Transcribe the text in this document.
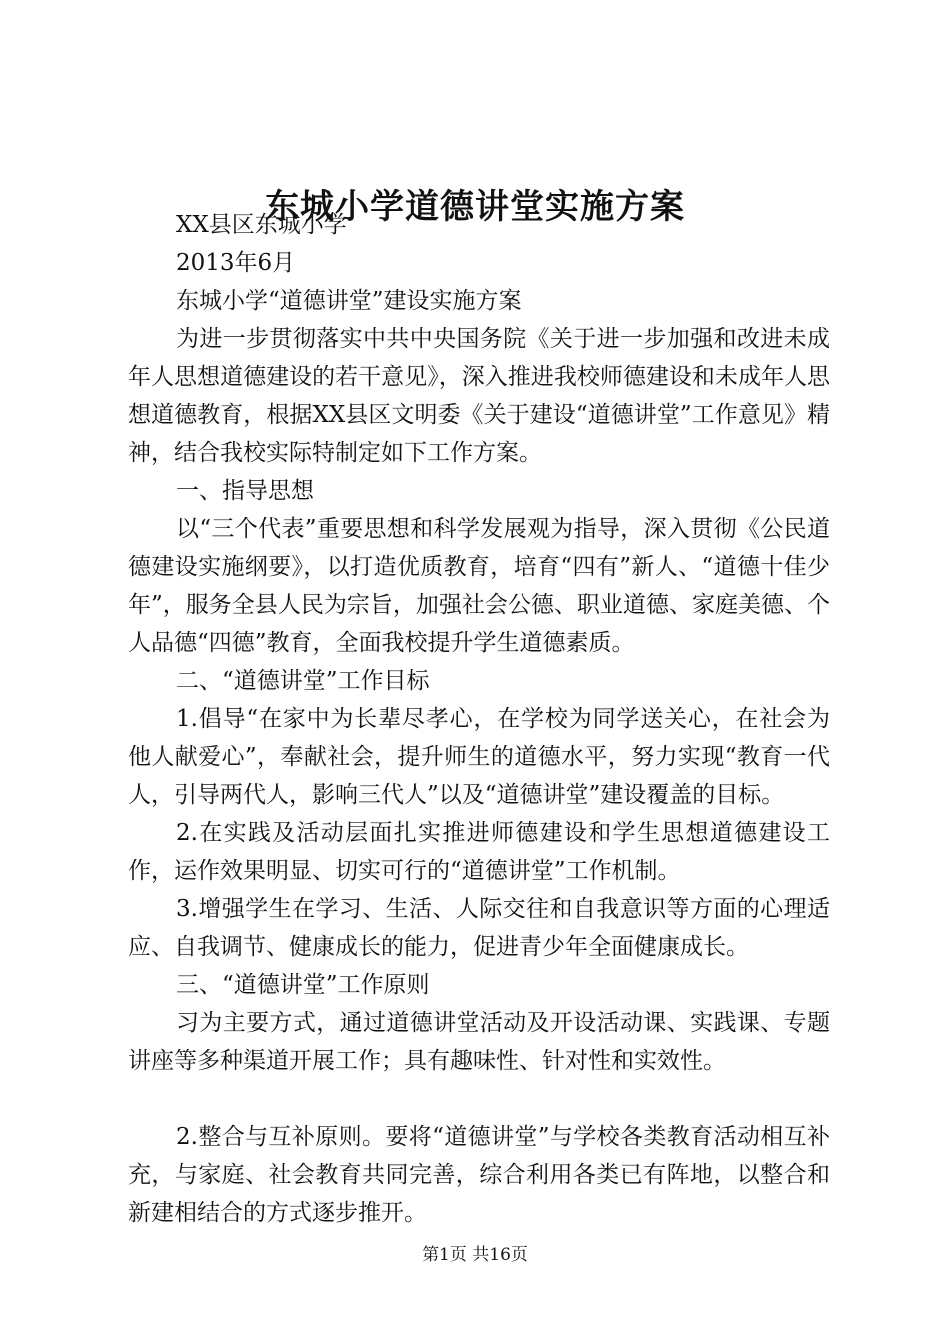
东城小学道德讲堂实施方案

XX县区东城小学

2013年6月

东城小学“道德讲堂”建设实施方案

为进一步贯彻落实中共中央国务院《关于进一步加强和改进未成年人思想道德建设的若干意见》，深入推进我校师德建设和未成年人思想道德教育，根据XX县区文明委《关于建设“道德讲堂”工作意见》精神，结合我校实际特制定如下工作方案。

一、指导思想

以“三个代表”重要思想和科学发展观为指导，深入贯彻《公民道德建设实施纲要》，以打造优质教育，培育“四有”新人、“道德十佳少年”，服务全县人民为宗旨，加强社会公德、职业道德、家庭美德、个人品德“四德”教育，全面我校提升学生道德素质。

二、“道德讲堂”工作目标

1.倡导“在家中为长辈尽孝心，在学校为同学送关心，在社会为他人献爱心”，奉献社会，提升师生的道德水平，努力实现“教育一代人，引导两代人，影响三代人”以及“道德讲堂”建设覆盖的目标。

2.在实践及活动层面扎实推进师德建设和学生思想道德建设工作，运作效果明显、切实可行的“道德讲堂”工作机制。

3.增强学生在学习、生活、人际交往和自我意识等方面的心理适应、自我调节、健康成长的能力，促进青少年全面健康成长。

三、“道德讲堂”工作原则

习为主要方式，通过道德讲堂活动及开设活动课、实践课、专题讲座等多种渠道开展工作；具有趣味性、针对性和实效性。

2.整合与互补原则。要将“道德讲堂”与学校各类教育活动相互补充，与家庭、社会教育共同完善，综合利用各类已有阵地，以整合和新建相结合的方式逐步推开。

第1页 共16页
